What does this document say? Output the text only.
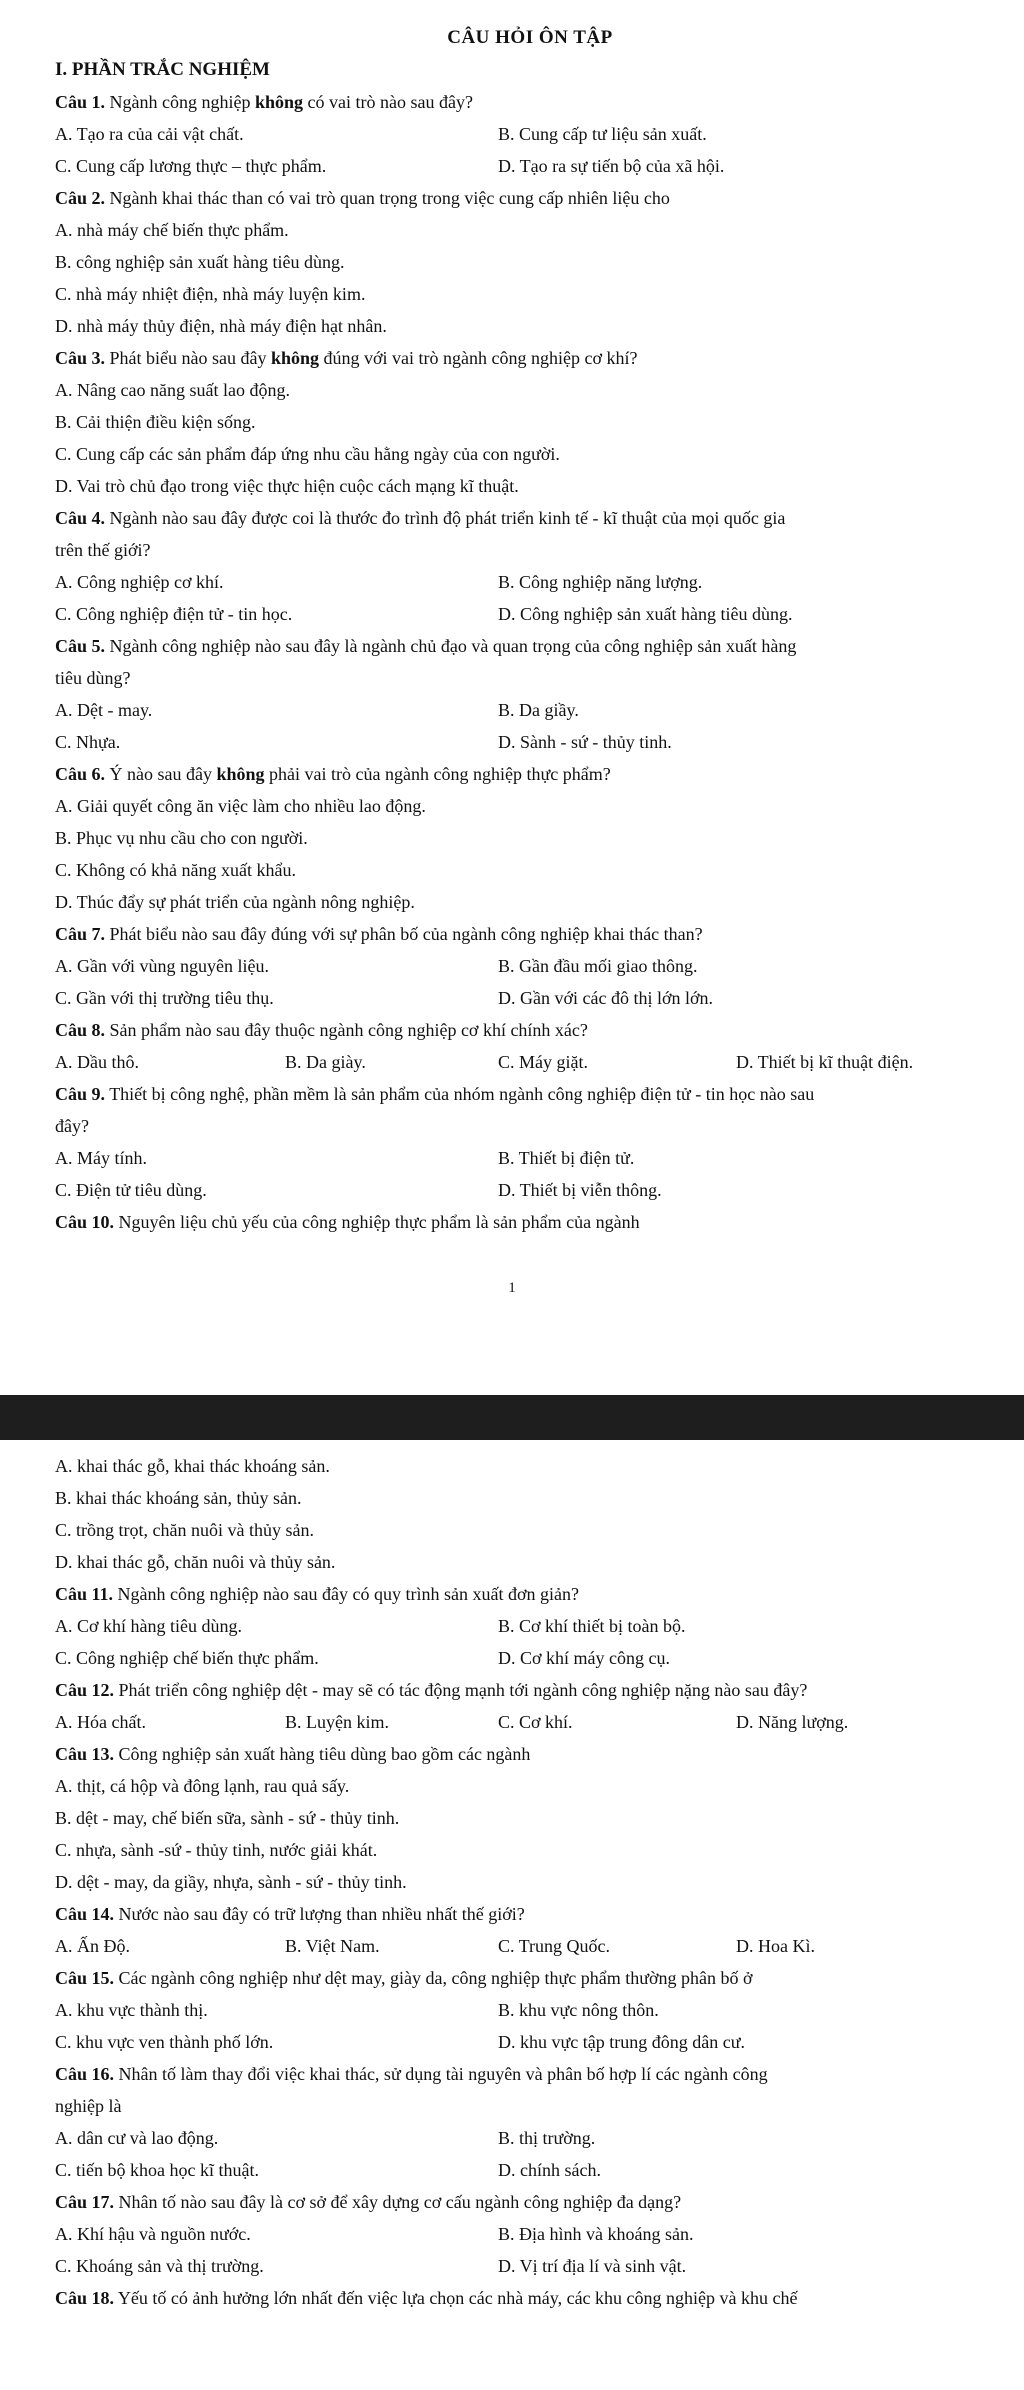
CÂU HỎI ÔN TẬP
I. PHẦN TRẮC NGHIỆM
Câu 1. Ngành công nghiệp không có vai trò nào sau đây?
A. Tạo ra của cải vật chất.	B. Cung cấp tư liệu sản xuất.
C. Cung cấp lương thực – thực phẩm.	D. Tạo ra sự tiến bộ của xã hội.
Câu 2. Ngành khai thác than có vai trò quan trọng trong việc cung cấp nhiên liệu cho
A. nhà máy chế biến thực phẩm.
B. công nghiệp sản xuất hàng tiêu dùng.
C. nhà máy nhiệt điện, nhà máy luyện kim.
D. nhà máy thủy điện, nhà máy điện hạt nhân.
Câu 3. Phát biểu nào sau đây không đúng với vai trò ngành công nghiệp cơ khí?
A. Nâng cao năng suất lao động.
B. Cải thiện điều kiện sống.
C. Cung cấp các sản phẩm đáp ứng nhu cầu hằng ngày của con người.
D. Vai trò chủ đạo trong việc thực hiện cuộc cách mạng kĩ thuật.
Câu 4. Ngành nào sau đây được coi là thước đo trình độ phát triển kinh tế - kĩ thuật của mọi quốc gia
trên thế giới?
A. Công nghiệp cơ khí.	B. Công nghiệp năng lượng.
C. Công nghiệp điện tử - tin học.	D. Công nghiệp sản xuất hàng tiêu dùng.
Câu 5. Ngành công nghiệp nào sau đây là ngành chủ đạo và quan trọng của công nghiệp sản xuất hàng
tiêu dùng?
A. Dệt - may.	B. Da giầy.
C. Nhựa.	D. Sành - sứ - thủy tinh.
Câu 6. Ý nào sau đây không phải vai trò của ngành công nghiệp thực phẩm?
A. Giải quyết công ăn việc làm cho nhiều lao động.
B. Phục vụ nhu cầu cho con người.
C. Không có khả năng xuất khẩu.
D. Thúc đẩy sự phát triển của ngành nông nghiệp.
Câu 7. Phát biểu nào sau đây đúng với sự phân bố của ngành công nghiệp khai thác than?
A. Gần với vùng nguyên liệu.	B. Gần đầu mối giao thông.
C. Gần với thị trường tiêu thụ.	D. Gần với các đô thị lớn lớn.
Câu 8. Sản phẩm nào sau đây thuộc ngành công nghiệp cơ khí chính xác?
A. Dầu thô.	B. Da giày.	C. Máy giặt.	D. Thiết bị kĩ thuật điện.
Câu 9. Thiết bị công nghệ, phần mềm là sản phẩm của nhóm ngành công nghiệp điện tử - tin học nào sau
đây?
A. Máy tính.	B. Thiết bị điện tử.
C. Điện tử tiêu dùng.	D. Thiết bị viễn thông.
Câu 10. Nguyên liệu chủ yếu của công nghiệp thực phẩm là sản phẩm của ngành
1
A. khai thác gỗ, khai thác khoáng sản.
B. khai thác khoáng sản, thủy sản.
C. trồng trọt, chăn nuôi và thủy sản.
D. khai thác gỗ, chăn nuôi và thủy sản.
Câu 11. Ngành công nghiệp nào sau đây có quy trình sản xuất đơn giản?
A. Cơ khí hàng tiêu dùng.	B. Cơ khí thiết bị toàn bộ.
C. Công nghiệp chế biến thực phẩm.	D. Cơ khí máy công cụ.
Câu 12. Phát triển công nghiệp dệt - may sẽ có tác động mạnh tới ngành công nghiệp nặng nào sau đây?
A. Hóa chất.	B. Luyện kim.	C. Cơ khí.	D. Năng lượng.
Câu 13. Công nghiệp sản xuất hàng tiêu dùng bao gồm các ngành
A. thịt, cá hộp và đông lạnh, rau quả sấy.
B. dệt - may, chế biến sữa, sành - sứ - thủy tinh.
C. nhựa, sành -sứ - thủy tinh, nước giải khát.
D. dệt - may, da giầy, nhựa, sành - sứ - thủy tinh.
Câu 14. Nước nào sau đây có trữ lượng than nhiều nhất thế giới?
A. Ấn Độ.	B. Việt Nam.	C. Trung Quốc.	D. Hoa Kì.
Câu 15. Các ngành công nghiệp như dệt may, giày da, công nghiệp thực phẩm thường phân bố ở
A. khu vực thành thị.	B. khu vực nông thôn.
C. khu vực ven thành phố lớn.	D. khu vực tập trung đông dân cư.
Câu 16. Nhân tố làm thay đổi việc khai thác, sử dụng tài nguyên và phân bố hợp lí các ngành công
nghiệp là
A. dân cư và lao động.	B. thị trường.
C. tiến bộ khoa học kĩ thuật.	D. chính sách.
Câu 17. Nhân tố nào sau đây là cơ sở để xây dựng cơ cấu ngành công nghiệp đa dạng?
A. Khí hậu và nguồn nước.	B. Địa hình và khoáng sản.
C. Khoáng sản và thị trường.	D. Vị trí địa lí và sinh vật.
Câu 18. Yếu tố có ảnh hưởng lớn nhất đến việc lựa chọn các nhà máy, các khu công nghiệp và khu chế
